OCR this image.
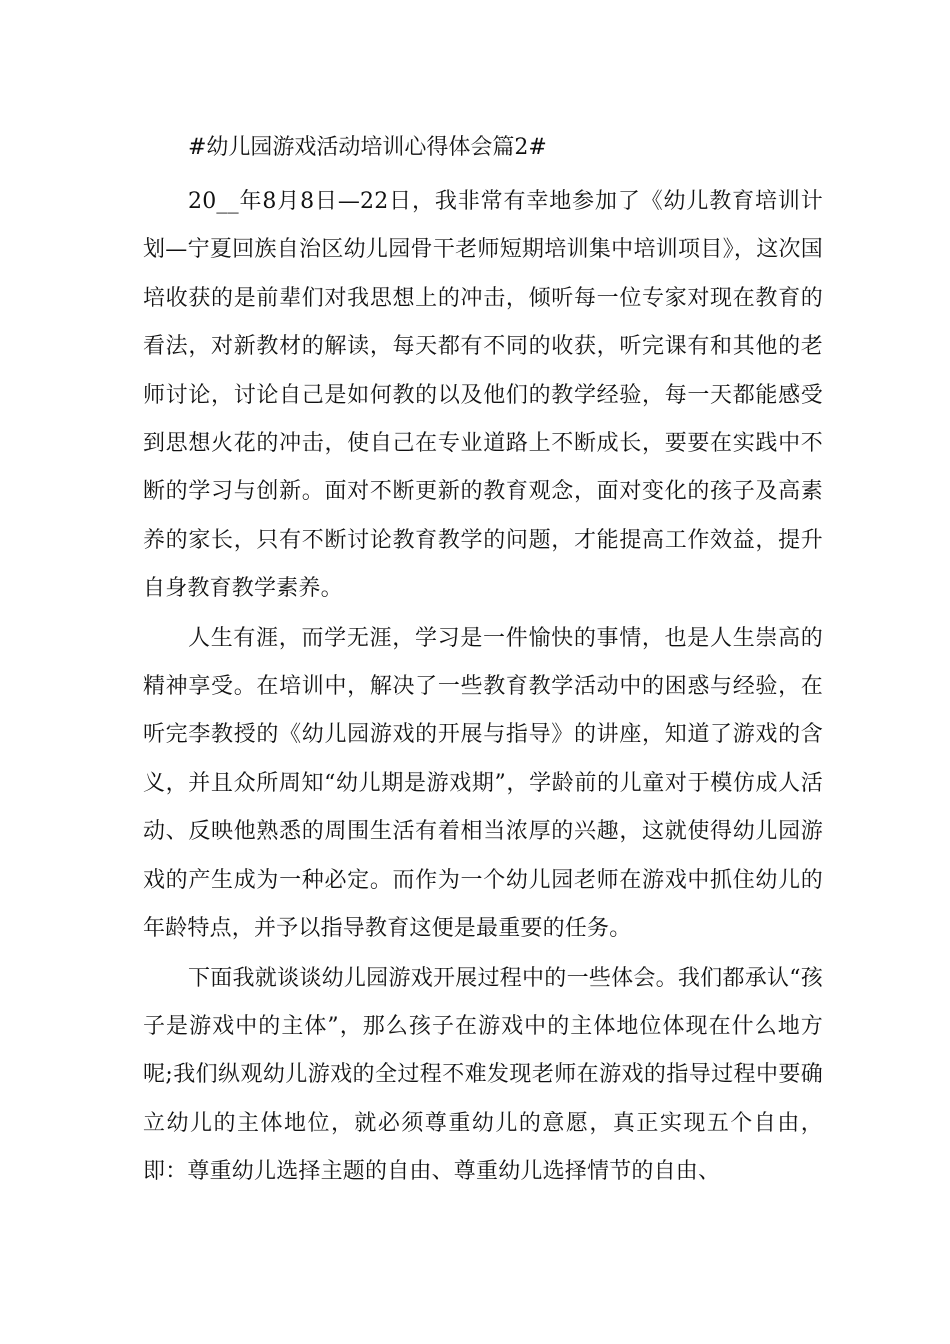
#幼儿园游戏活动培训心得体会篇2#

20__年8月8日—22日，我非常有幸地参加了《幼儿教育培训计划—宁夏回族自治区幼儿园骨干老师短期培训集中培训项目》，这次国培收获的是前辈们对我思想上的冲击，倾听每一位专家对现在教育的看法，对新教材的解读，每天都有不同的收获，听完课有和其他的老师讨论，讨论自己是如何教的以及他们的教学经验，每一天都能感受到思想火花的冲击，使自己在专业道路上不断成长，要要在实践中不断的学习与创新。面对不断更新的教育观念，面对变化的孩子及高素养的家长，只有不断讨论教育教学的问题，才能提高工作效益，提升自身教育教学素养。

人生有涯，而学无涯，学习是一件愉快的事情，也是人生崇高的精神享受。在培训中，解决了一些教育教学活动中的困惑与经验，在听完李教授的《幼儿园游戏的开展与指导》的讲座，知道了游戏的含义，并且众所周知“幼儿期是游戏期”，学龄前的儿童对于模仿成人活动、反映他熟悉的周围生活有着相当浓厚的兴趣，这就使得幼儿园游戏的产生成为一种必定。而作为一个幼儿园老师在游戏中抓住幼儿的年龄特点，并予以指导教育这便是最重要的任务。

下面我就谈谈幼儿园游戏开展过程中的一些体会。我们都承认“孩子是游戏中的主体”，那么孩子在游戏中的主体地位体现在什么地方呢;我们纵观幼儿游戏的全过程不难发现老师在游戏的指导过程中要确立幼儿的主体地位，就必须尊重幼儿的意愿，真正实现五个自由，即：尊重幼儿选择主题的自由、尊重幼儿选择情节的自由、
